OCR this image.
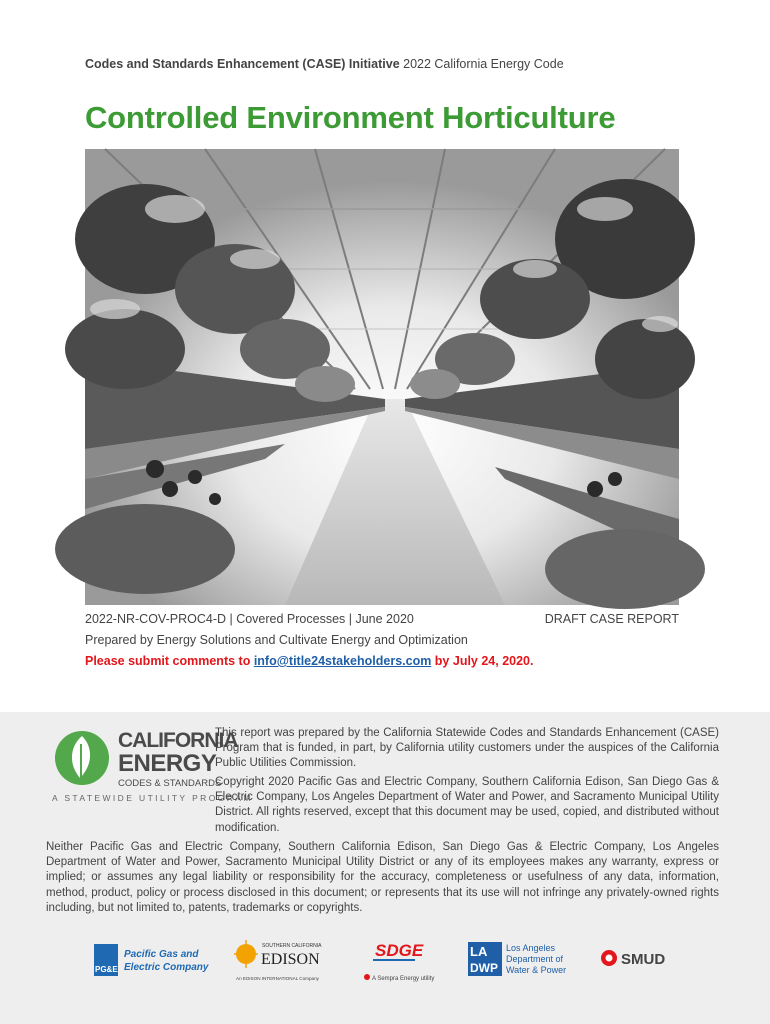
Codes and Standards Enhancement (CASE) Initiative 2022 California Energy Code
Controlled Environment Horticulture
2022-NR-COV-PROC4-D | Covered Processes | June 2020	DRAFT CASE REPORT
Prepared by Energy Solutions and Cultivate Energy and Optimization
Please submit comments to info@title24stakeholders.com by July 24, 2020.
CALIFORNIA
ENERGY
CODES & STANDARDS
A STATEWIDE UTILITY PROGRAM
This report was prepared by the California Statewide Codes and Standards Enhancement (CASE) Program that is funded, in part, by California utility customers under the auspices of the California Public Utilities Commission.
Copyright 2020 Pacific Gas and Electric Company, Southern California Edison, San Diego Gas & Electric Company, Los Angeles Department of Water and Power, and Sacramento Municipal Utility District. All rights reserved, except that this document may be used, copied, and distributed without modification.
Neither Pacific Gas and Electric Company, Southern California Edison, San Diego Gas & Electric Company, Los Angeles Department of Water and Power, Sacramento Municipal Utility District or any of its employees makes any warranty, express or implied; or assumes any legal liability or responsibility for the accuracy, completeness or usefulness of any data, information, method, product, policy or process disclosed in this document; or represents that its use will not infringe any privately-owned rights including, but not limited to, patents, trademarks or copyrights.
PG&E
Pacific Gas and
Electric Company
SOUTHERN CALIFORNIA
EDISON
An EDISON INTERNATIONAL Company
SDGE
A Sempra Energy utility
LA
DWP
Los Angeles
Department of
Water & Power
SMUD
